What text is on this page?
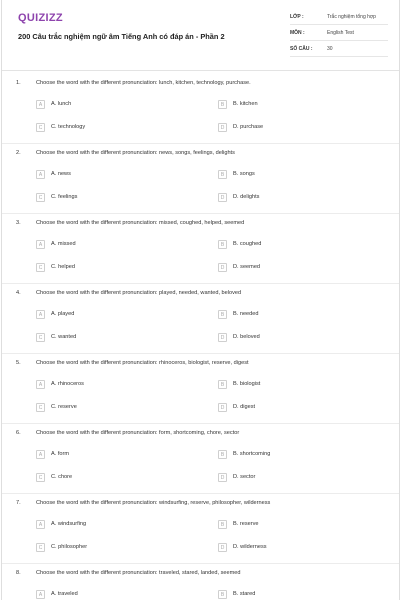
QUIZIZZ
200 Câu trắc nghiệm ngữ âm Tiếng Anh có đáp án - Phần 2
LỚP :	Trắc nghiệm tổng hợp
MÔN :	English Test
SỐ CÂU :	30
1.	Choose the word with the different pronunciation: lunch, kitchen, technology, purchase.
A	A. lunch	B	B. kitchen
C	C. technology	D	D. purchase
2.	Choose the word with the different pronunciation: news, songs, feelings, delights
A	A. news	B	B. songs
C	C. feelings	D	D. delights
3.	Choose the word with the different pronunciation: missed, coughed, helped, seemed
A	A. missed	B	B. coughed
C	C. helped	D	D. seemed
4.	Choose the word with the different pronunciation: played, needed, wanted, beloved
A	A. played	B	B. needed
C	C. wanted	D	D. beloved
5.	Choose the word with the different pronunciation: rhinoceros, biologist, reserve, digest
A	A. rhinoceros	B	B. biologist
C	C. reserve	D	D. digest
6.	Choose the word with the different pronunciation: form, shortcoming, chore, sector
A	A. form	B	B. shortcoming
C	C. chore	D	D. sector
7.	Choose the word with the different pronunciation: windsurfing, reserve, philosopher, wilderness
A	A. windsurfing	B	B. reserve
C	C. philosopher	D	D. wilderness
8.	Choose the word with the different pronunciation: traveled, stared, landed, seemed
A	A. traveled	B	B. stared
